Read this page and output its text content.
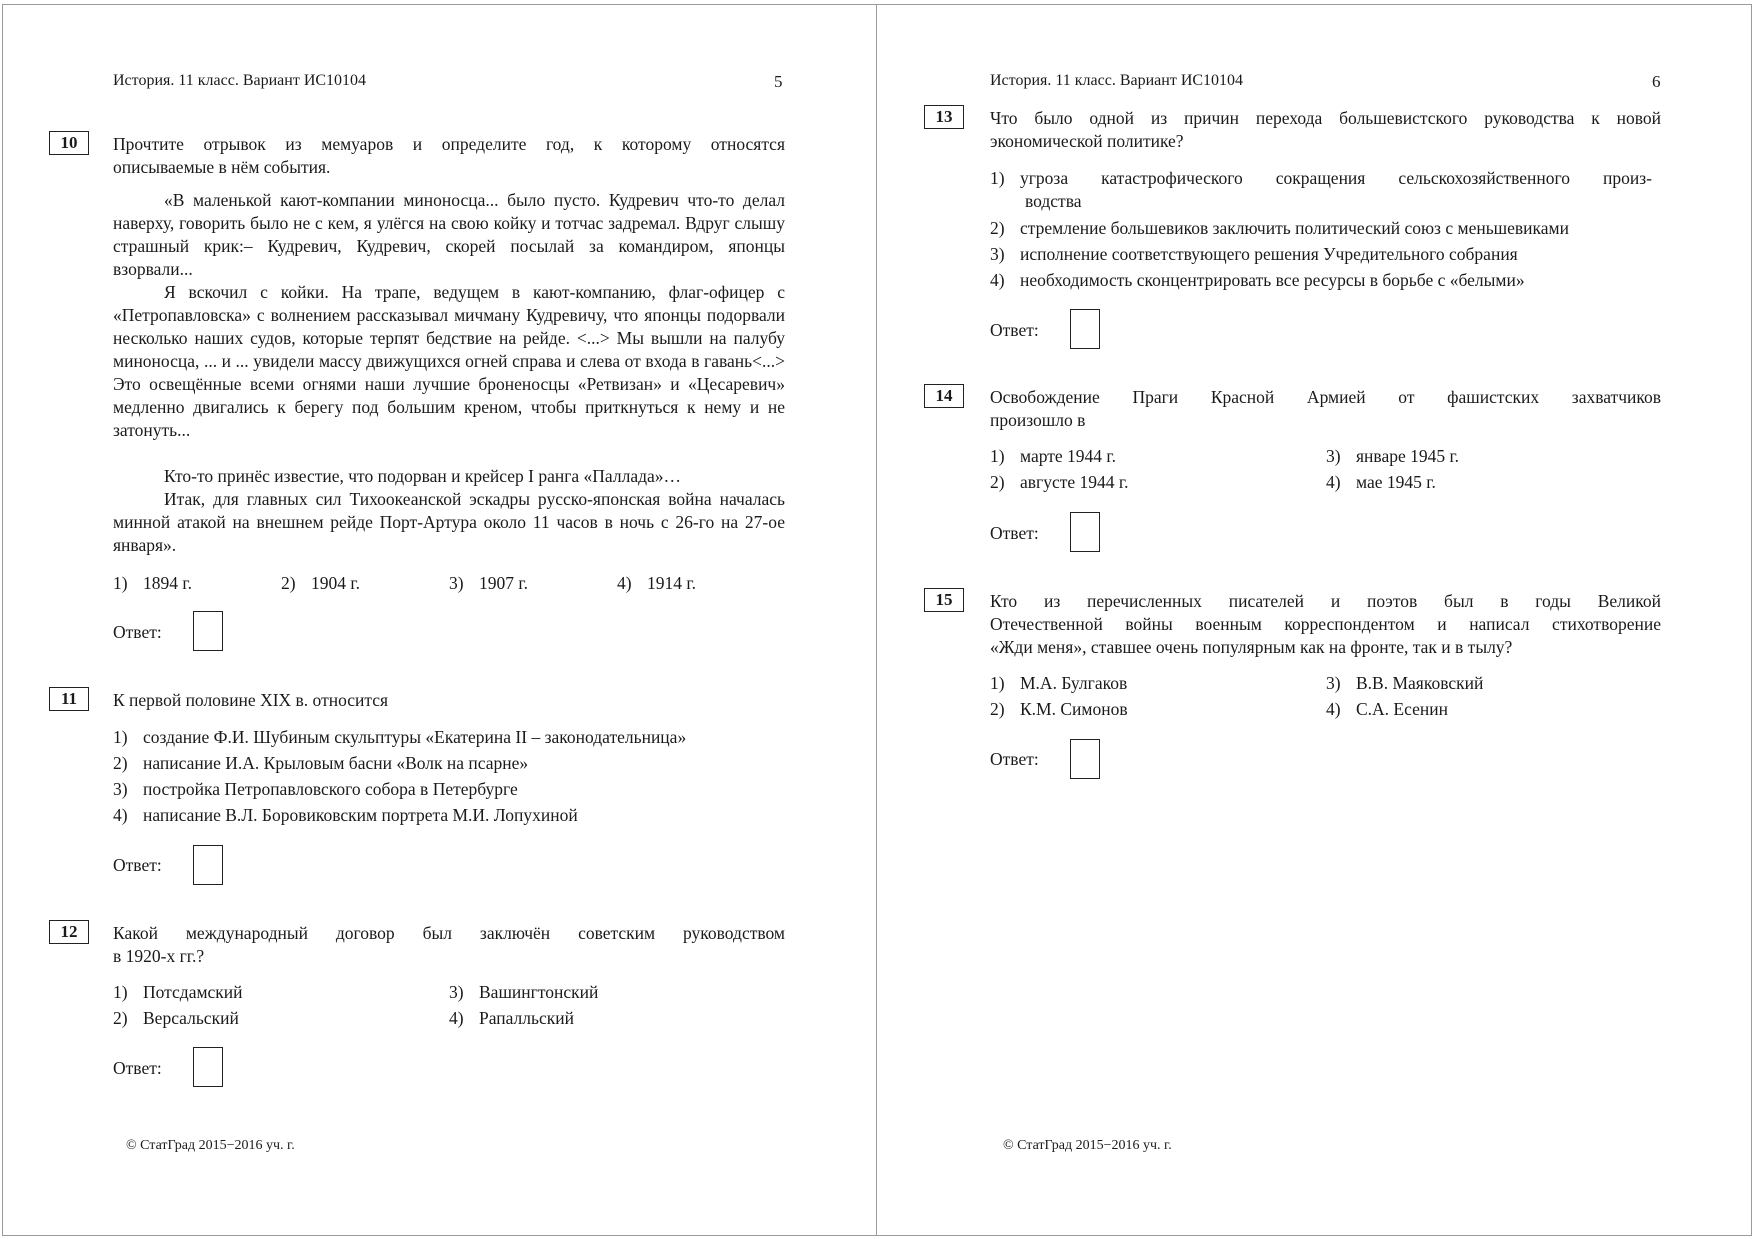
История. 11 класс. Вариант ИС10104	5
10	Прочтите отрывок из мемуаров и определите год, к которому относятся
описываемые в нём события.
«В маленькой кают-компании миноносца... было пусто. Кудревич что-то делал наверху, говорить было не с кем, я улёгся на свою койку и тотчас задремал. Вдруг слышу страшный крик:– Кудревич, Кудревич, скорей посылай за командиром, японцы взорвали...
Я вскочил с койки. На трапе, ведущем в кают-компанию, флаг-офицер с «Петропавловска» с волнением рассказывал мичману Кудревичу, что японцы подорвали несколько наших судов, которые терпят бедствие на рейде. <...> Мы вышли на палубу миноносца, ... и ... увидели массу движущихся огней справа и слева от входа в гавань<...> Это освещённые всеми огнями наши лучшие броненосцы «Ретвизан» и «Цесаревич» медленно двигались к берегу под большим креном, чтобы приткнуться к нему и не затонуть...
Кто-то принёс известие, что подорван и крейсер I ранга «Паллада»…
Итак, для главных сил Тихоокеанской эскадры русско-японская война началась минной атакой на внешнем рейде Порт-Артура около 11 часов в ночь с 26-го на 27-ое января».
1) 1894 г.	2) 1904 г.	3) 1907 г.	4) 1914 г.
Ответ:
11	К первой половине XIX в. относится
1) создание Ф.И. Шубиным скульптуры «Екатерина II – законодательница»
2) написание И.А. Крыловым басни «Волк на псарне»
3) постройка Петропавловского собора в Петербурге
4) написание В.Л. Боровиковским портрета М.И. Лопухиной
Ответ:
12	Какой международный договор был заключён советским руководством
в 1920-х гг.?
1) Потсдамский
2) Версальский
3) Вашингтонский
4) Рапалльский
Ответ:
© СтатГрад 2015−2016 уч. г.
История. 11 класс. Вариант ИС10104	6
13	Что было одной из причин перехода большевистского руководства к новой
экономической политике?
1) угроза катастрофического сокращения сельскохозяйственного произ-
водства
2) стремление большевиков заключить политический союз с меньшевиками
3) исполнение соответствующего решения Учредительного собрания
4) необходимость сконцентрировать все ресурсы в борьбе с «белыми»
Ответ:
14	Освобождение Праги Красной Армией от фашистских захватчиков
произошло в
1) марте 1944 г.
2) августе 1944 г.
3) январе 1945 г.
4) мае 1945 г.
Ответ:
15	Кто из перечисленных писателей и поэтов был в годы Великой
Отечественной войны военным корреспондентом и написал стихотворение
«Жди меня», ставшее очень популярным как на фронте, так и в тылу?
1) М.А. Булгаков
2) К.М. Симонов
3) В.В. Маяковский
4) С.А. Есенин
Ответ:
© СтатГрад 2015−2016 уч. г.
